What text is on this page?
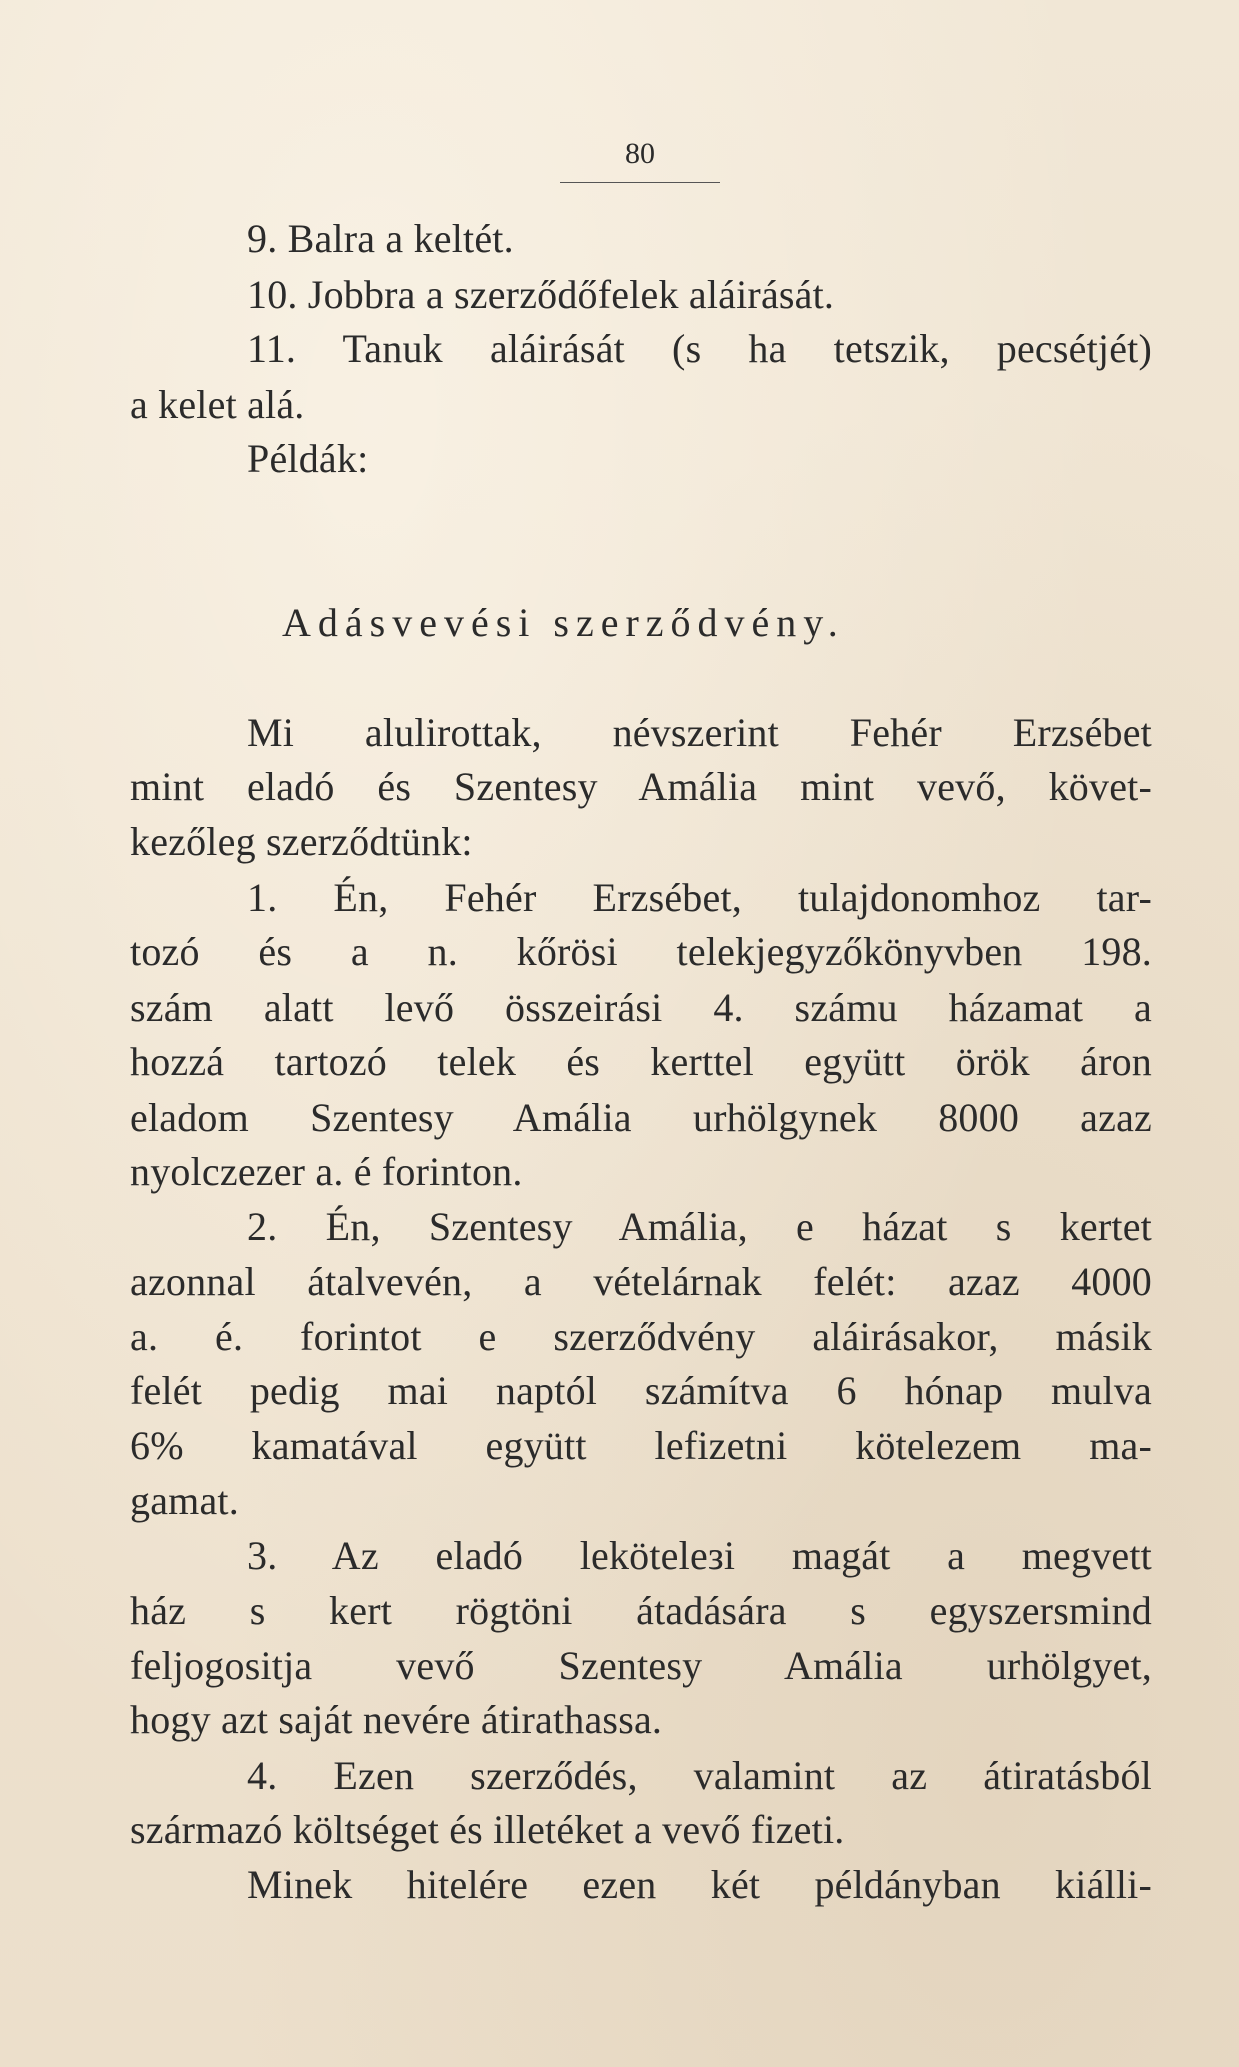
80
9. Balra a keltét.
10. Jobbra a szerződőfelek aláirását.
11. Tanuk aláirását (s ha tetszik, pecsétjét)
a kelet alá.
Példák:
Adásvevési szerződvény.
Mi alulirottak, névszerint Fehér Erzsébet
mint eladó és Szentesy Amália mint vevő, követ-
kezőleg szerződtünk:
1. Én, Fehér Erzsébet, tulajdonomhoz tar-
tozó és a n. kőrösi telekjegyzőkönyvben 198.
szám alatt levő összeirási 4. számu házamat a
hozzá tartozó telek és kerttel együtt örök áron
eladom Szentesy Amália urhölgynek 8000 azaz
nyolczezer a. é forinton.
2. Én, Szentesy Amália, e házat s kertet
azonnal átalvevén, a vételárnak felét: azaz 4000
a. é. forintot e szerződvény aláirásakor, másik
felét pedig mai naptól számítva 6 hónap mulva
6% kamatával együtt lefizetni kötelezem ma-
gamat.
3. Az eladó leköteleзi magát a megvett
ház s kert rögtöni átadására s egyszersmind
feljogositja vevő Szentesy Amália urhölgyet,
hogy azt saját nevére átirathassa.
4. Ezen szerződés, valamint az átiratásból
származó költséget és illetéket a vevő fizeti.
Minek hitelére ezen két példányban kiálli-
